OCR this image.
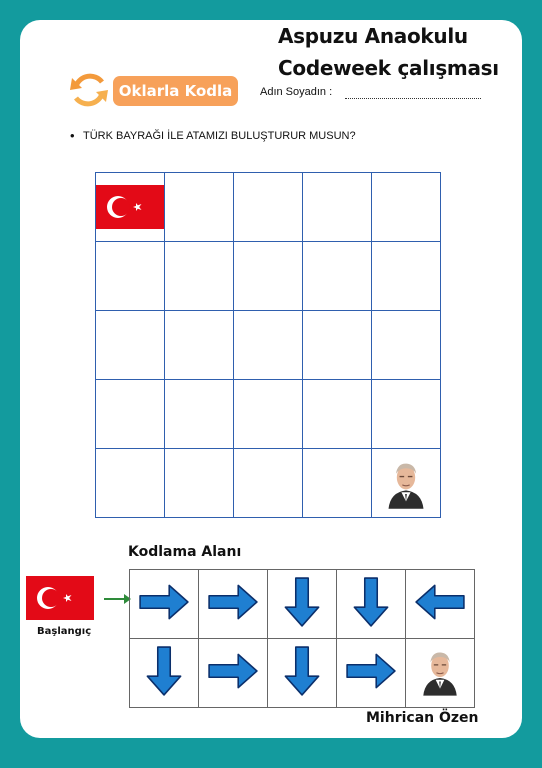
Oklarla Kodla
Aspuzu Anaokulu
Codeweek çalışması
Adın Soyadın :
• TÜRK BAYRAĞI İLE ATAMIZI BULUŞTURUR MUSUN?

Kodlama Alanı
Başlangıç

Mihrican Özen
